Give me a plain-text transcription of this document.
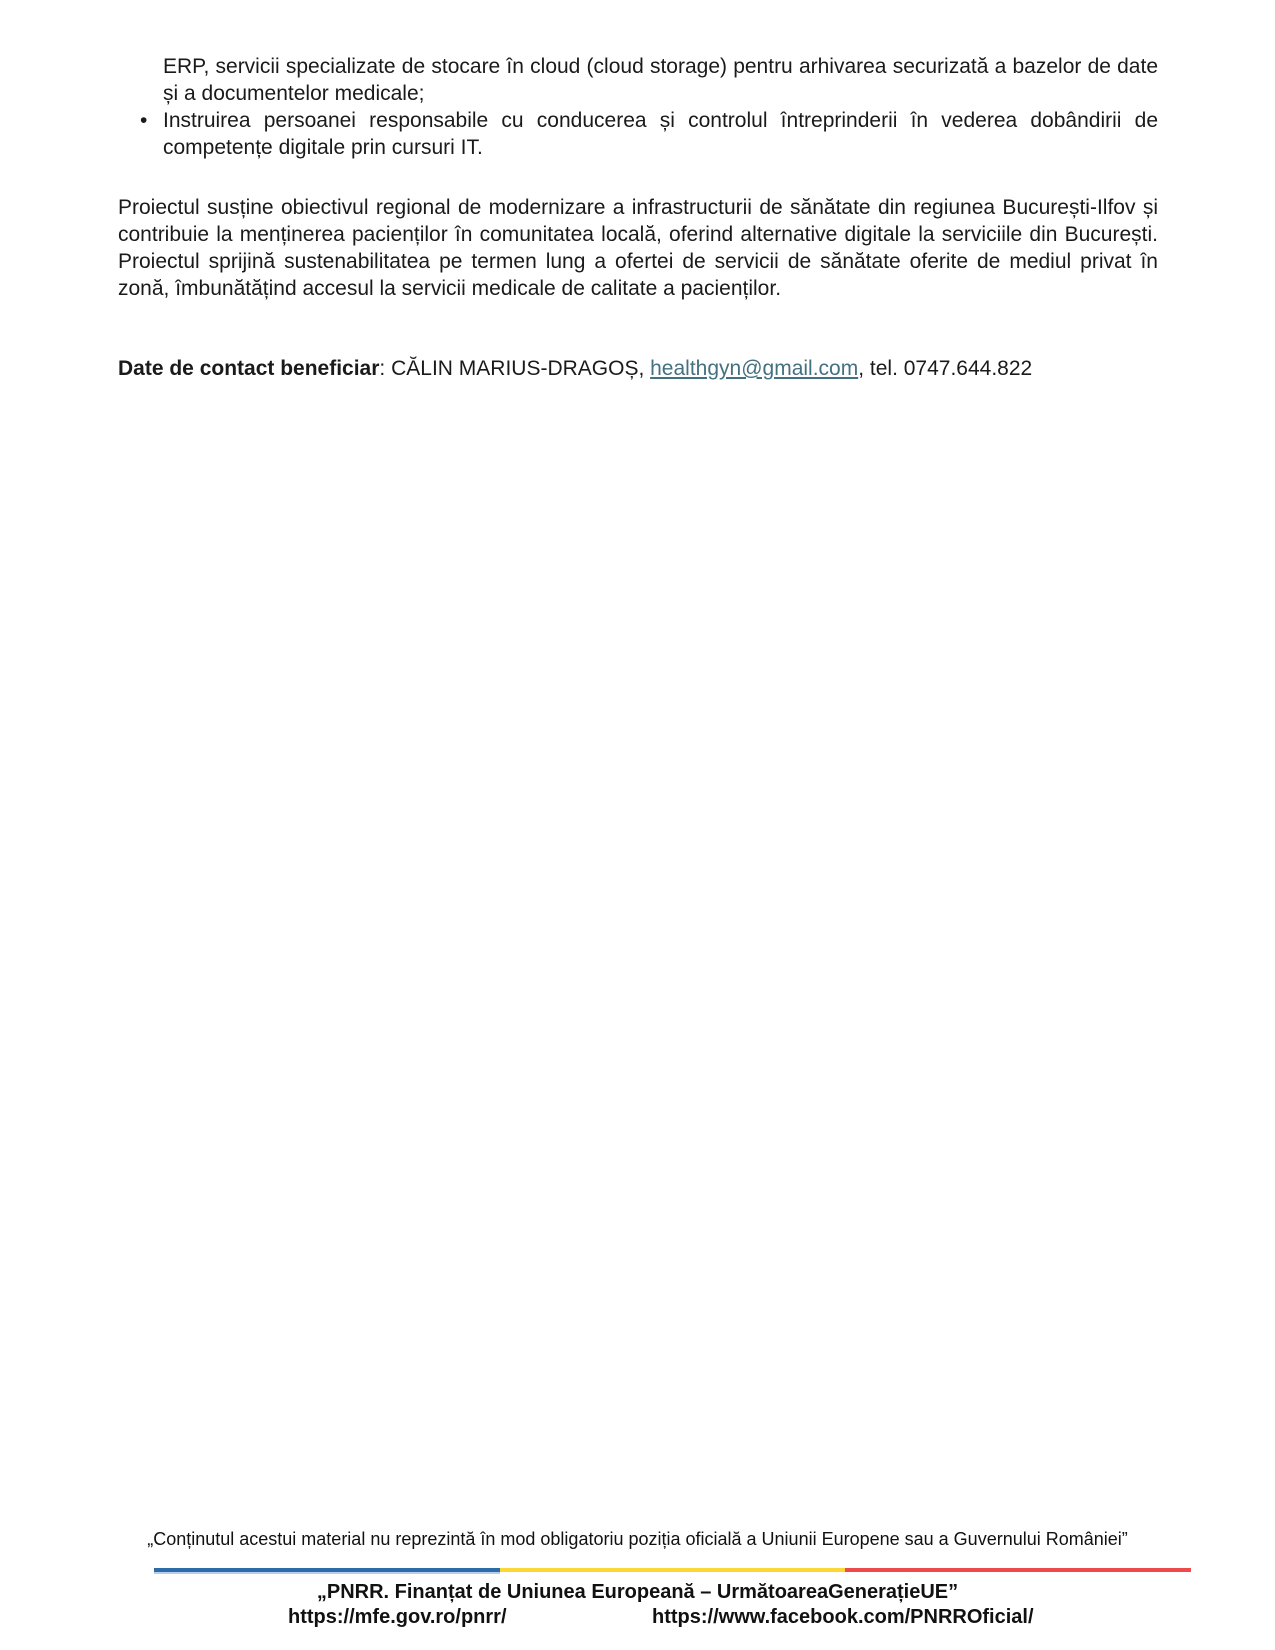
ERP, servicii specializate de stocare în cloud (cloud storage) pentru arhivarea securizată a bazelor de date și a documentelor medicale;
• Instruirea persoanei responsabile cu conducerea și controlul întreprinderii în vederea dobândirii de competențe digitale prin cursuri IT.
Proiectul susține obiectivul regional de modernizare a infrastructurii de sănătate din regiunea București-Ilfov și contribuie la menținerea pacienților în comunitatea locală, oferind alternative digitale la serviciile din București. Proiectul sprijină sustenabilitatea pe termen lung a ofertei de servicii de sănătate oferite de mediul privat în zonă, îmbunătățind accesul la servicii medicale de calitate a pacienților.
Date de contact beneficiar: CĂLIN MARIUS-DRAGOȘ, healthgyn@gmail.com, tel. 0747.644.822
„Conținutul acestui material nu reprezintă în mod obligatoriu poziția oficială a Uniunii Europene sau a Guvernului României”
„PNRR. Finanțat de Uniunea Europeană – UrmătoareaGenerațieUE”
https://mfe.gov.ro/pnrr/	https://www.facebook.com/PNRROficial/
